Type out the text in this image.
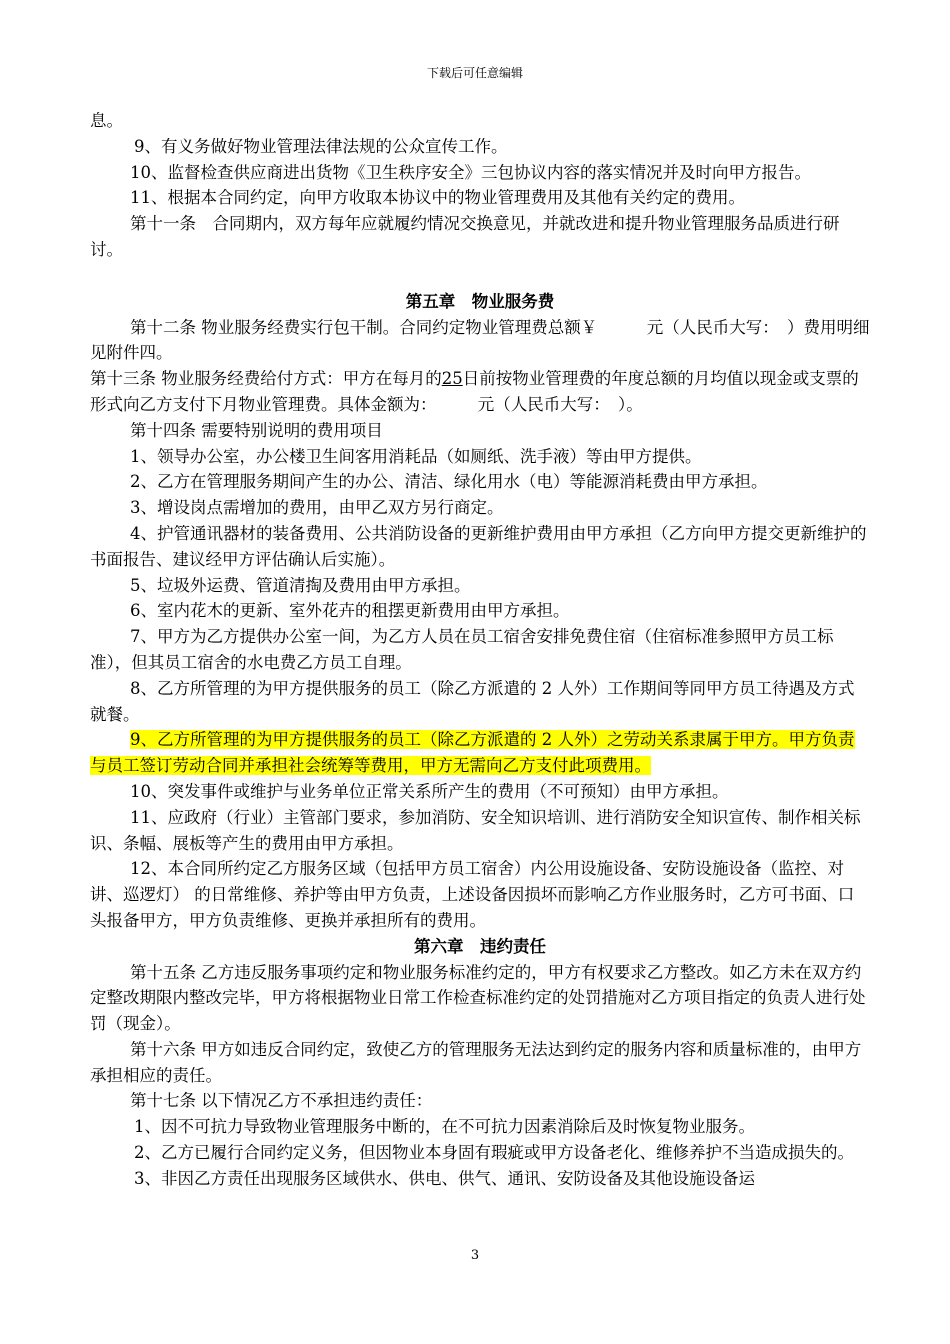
下载后可任意编辑

息。

9、有义务做好物业管理法律法规的公众宣传工作。

10、监督检查供应商进出货物《卫生秩序安全》三包协议内容的落实情况并及时向甲方报告。

11、根据本合同约定，向甲方收取本协议中的物业管理费用及其他有关约定的费用。

第十一条　合同期内，双方每年应就履约情况交换意见，并就改进和提升物业管理服务品质进行研讨。

第五章　物业服务费

第十二条 物业服务经费实行包干制。合同约定物业管理费总额￥　　　元（人民币大写：　）费用明细见附件四。

第十三条 物业服务经费给付方式：甲方在每月的25日前按物业管理费的年度总额的月均值以现金或支票的形式向乙方支付下月物业管理费。具体金额为：　　　元（人民币大写：　）。

第十四条 需要特别说明的费用项目

1、领导办公室，办公楼卫生间客用消耗品（如厕纸、洗手液）等由甲方提供。

2、乙方在管理服务期间产生的办公、清洁、绿化用水（电）等能源消耗费由甲方承担。

3、增设岗点需增加的费用，由甲乙双方另行商定。

4、护管通讯器材的装备费用、公共消防设备的更新维护费用由甲方承担（乙方向甲方提交更新维护的书面报告、建议经甲方评估确认后实施）。

5、垃圾外运费、管道清掏及费用由甲方承担。

6、室内花木的更新、室外花卉的租摆更新费用由甲方承担。

7、甲方为乙方提供办公室一间，为乙方人员在员工宿舍安排免费住宿（住宿标准参照甲方员工标准），但其员工宿舍的水电费乙方员工自理。

8、乙方所管理的为甲方提供服务的员工（除乙方派遣的 2 人外）工作期间等同甲方员工待遇及方式就餐。

9、乙方所管理的为甲方提供服务的员工（除乙方派遣的 2 人外）之劳动关系隶属于甲方。甲方负责与员工签订劳动合同并承担社会统筹等费用，甲方无需向乙方支付此项费用。

10、突发事件或维护与业务单位正常关系所产生的费用（不可预知）由甲方承担。

11、应政府（行业）主管部门要求，参加消防、安全知识培训、进行消防安全知识宣传、制作相关标识、条幅、展板等产生的费用由甲方承担。

12、本合同所约定乙方服务区域（包括甲方员工宿舍）内公用设施设备、安防设施设备（监控、对讲、巡逻灯） 的日常维修、养护等由甲方负责，上述设备因损坏而影响乙方作业服务时，乙方可书面、口头报备甲方，甲方负责维修、更换并承担所有的费用。

第六章　违约责任

第十五条 乙方违反服务事项约定和物业服务标准约定的，甲方有权要求乙方整改。如乙方未在双方约定整改期限内整改完毕，甲方将根据物业日常工作检查标准约定的处罚措施对乙方项目指定的负责人进行处罚（现金）。

第十六条 甲方如违反合同约定，致使乙方的管理服务无法达到约定的服务内容和质量标准的，由甲方承担相应的责任。

第十七条 以下情况乙方不承担违约责任：

1、因不可抗力导致物业管理服务中断的，在不可抗力因素消除后及时恢复物业服务。

2、乙方已履行合同约定义务，但因物业本身固有瑕疵或甲方设备老化、维修养护不当造成损失的。

3、非因乙方责任出现服务区域供水、供电、供气、通讯、安防设备及其他设施设备运

3
